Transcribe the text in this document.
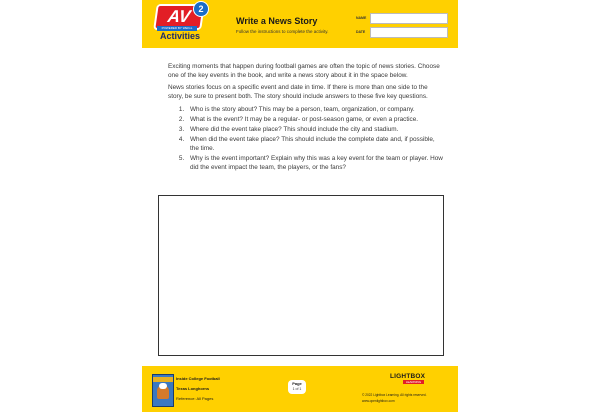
AV 2
POWERED BY WEIGL
Activities
Write a News Story
Follow the instructions to complete the activity.
NAME
DATE

Exciting moments that happen during football games are often the topic of news stories. Choose one of the key events in the book, and write a news story about it in the space below.

News stories focus on a specific event and date in time. If there is more than one side to the story, be sure to present both. The story should include answers to these five key questions.

1. Who is the story about? This may be a person, team, organization, or company.
2. What is the event? It may be a regular- or post-season game, or even a practice.
3. Where did the event take place? This should include the city and stadium.
4. When did the event take place? This should include the complete date and, if possible, the time.
5. Why is the event important? Explain why this was a key event for the team or player. How did the event impact the team, the players, or the fans?
Inside College Football
Texas Longhorns
Reference: All Pages
Page
1 of 1
LIGHTBOX
LEARNING
© 2022 Lightbox Learning. All rights reserved.
www.openlightbox.com
